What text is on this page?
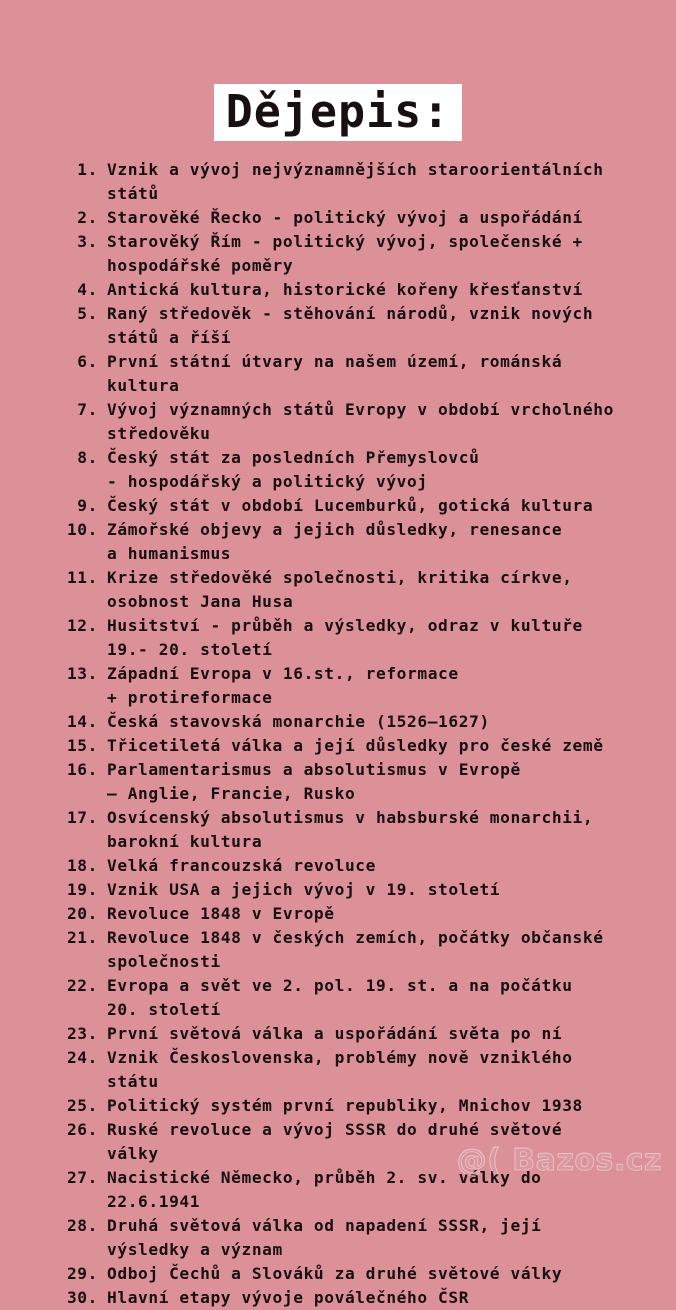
Dějepis:
1. Vznik a vývoj nejvýznamnějších staroorientálních
států
2. Starověké Řecko - politický vývoj a uspořádání
3. Starověký Řím - politický vývoj, společenské +
hospodářské poměry
4. Antická kultura, historické kořeny křesťanství
5. Raný středověk - stěhování národů, vznik nových
států a říší
6. První státní útvary na našem území, románská
kultura
7. Vývoj významných států Evropy v období vrcholného
středověku
8. Český stát za posledních Přemyslovců
- hospodářský a politický vývoj
9. Český stát v období Lucemburků, gotická kultura
10. Zámořské objevy a jejich důsledky, renesance
a humanismus
11. Krize středověké společnosti, kritika církve,
osobnost Jana Husa
12. Husitství - průběh a výsledky, odraz v kultuře
19.- 20. století
13. Západní Evropa v 16.st., reformace
+ protireformace
14. Česká stavovská monarchie (1526–1627)
15. Třicetiletá válka a její důsledky pro české země
16. Parlamentarismus a absolutismus v Evropě
– Anglie, Francie, Rusko
17. Osvícenský absolutismus v habsburské monarchii,
barokní kultura
18. Velká francouzská revoluce
19. Vznik USA a jejich vývoj v 19. století
20. Revoluce 1848 v Evropě
21. Revoluce 1848 v českých zemích, počátky občanské
společnosti
22. Evropa a svět ve 2. pol. 19. st. a na počátku
20. století
23. První světová válka a uspořádání světa po ní
24. Vznik Československa, problémy nově vzniklého
státu
25. Politický systém první republiky, Mnichov 1938
26. Ruské revoluce a vývoj SSSR do druhé světové
války
27. Nacistické Německo, průběh 2. sv. války do
22.6.1941
28. Druhá světová válka od napadení SSSR, její
výsledky a význam
29. Odboj Čechů a Slováků za druhé světové války
30. Hlavní etapy vývoje poválečného ČSR
@( Bazos.cz
